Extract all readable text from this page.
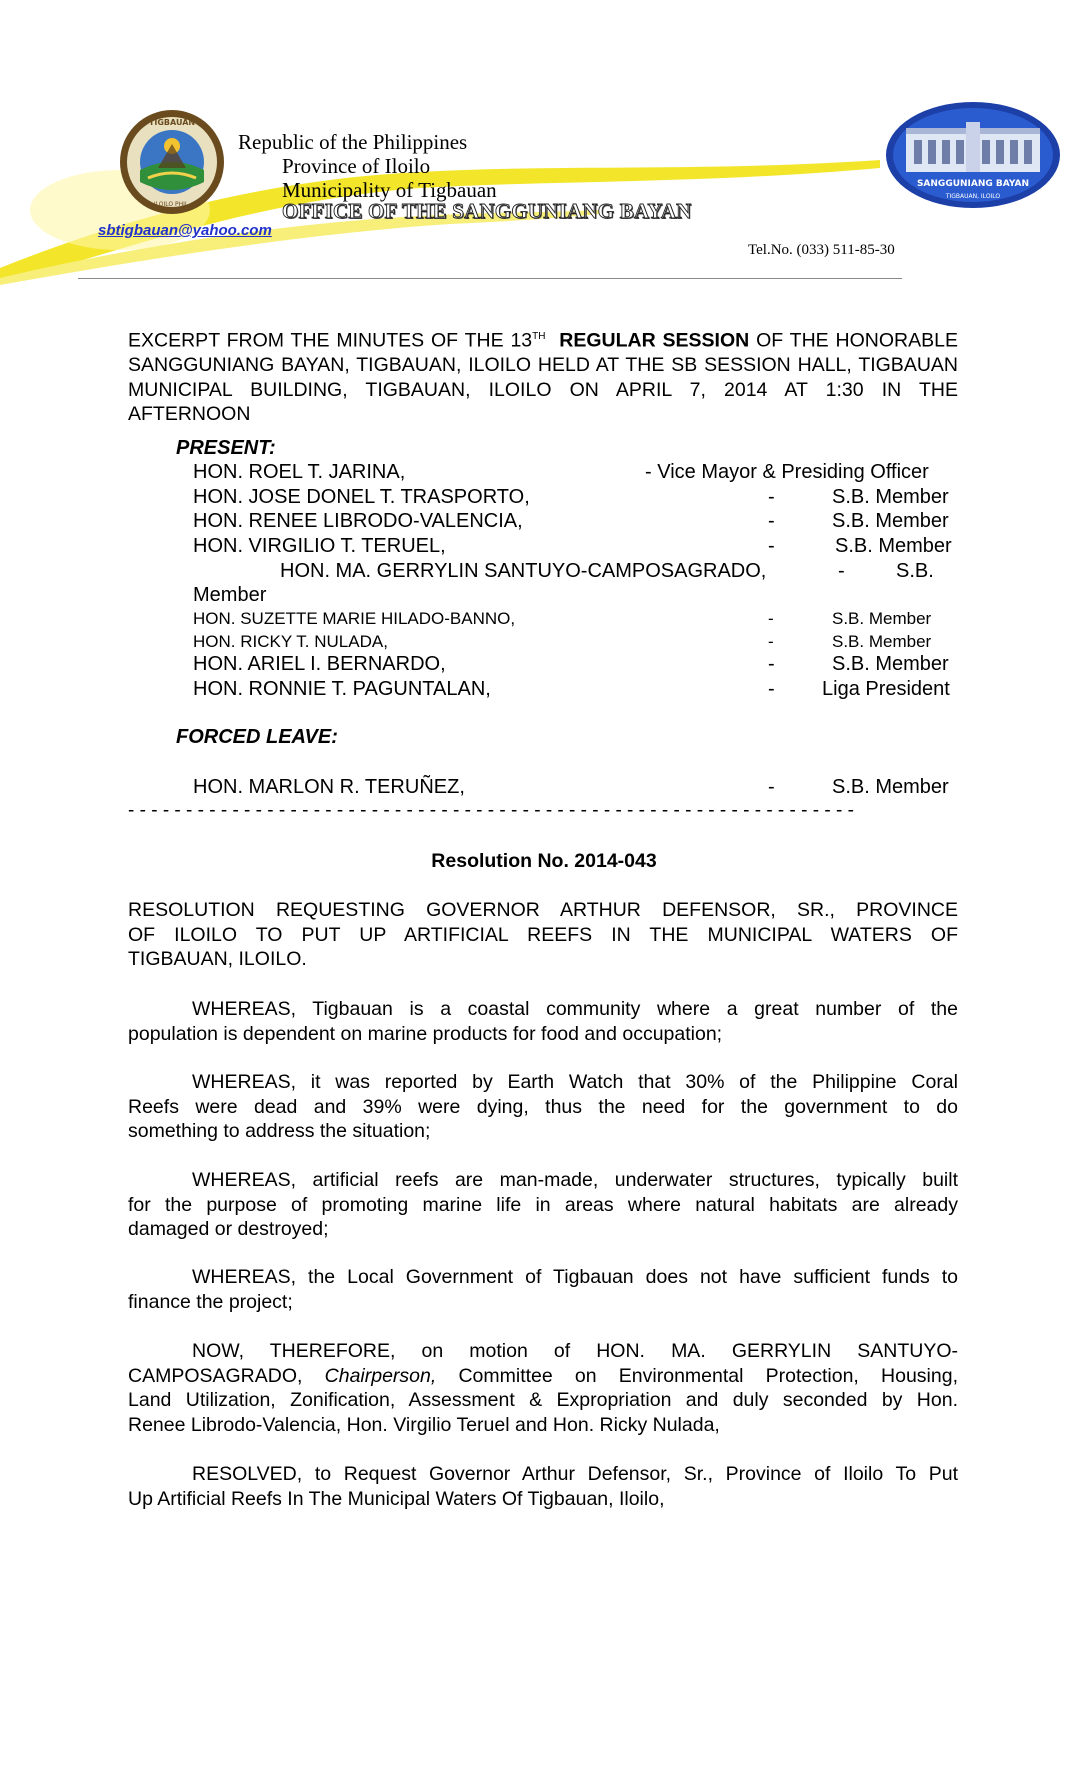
TIGBAUAN
ILOILO PHIL.
Republic of the Philippines
Province of Iloilo
Municipality of Tigbauan
OFFICE OF THE SANGGUNIANG BAYAN
sbtigbauan@yahoo.com
Tel.No. (033) 511-85-30
SANGGUNIANG BAYAN
TIGBAUAN, ILOILO
EXCERPT FROM THE MINUTES OF THE 13TH REGULAR SESSION OF THE HONORABLE
SANGGUNIANG BAYAN, TIGBAUAN, ILOILO HELD AT THE SB SESSION HALL, TIGBAUAN
MUNICIPAL BUILDING, TIGBAUAN, ILOILO ON APRIL 7, 2014 AT 1:30 IN THE
AFTERNOON
PRESENT:
HON. ROEL T. JARINA,	- Vice Mayor & Presiding Officer
HON. JOSE DONEL T. TRASPORTO,	-	S.B. Member
HON. RENEE LIBRODO-VALENCIA,	-	S.B. Member
HON. VIRGILIO T. TERUEL,	-	S.B. Member
HON. MA. GERRYLIN SANTUYO-CAMPOSAGRADO,	-	S.B.
Member
HON. SUZETTE MARIE HILADO-BANNO,	-	S.B. Member
HON. RICKY T. NULADA,	-	S.B. Member
HON. ARIEL I. BERNARDO,	-	S.B. Member
HON. RONNIE T. PAGUNTALAN,	- Liga President
FORCED LEAVE:
HON. MARLON R. TERUÑEZ,	-	S.B. Member
- - - - - - - - - - - - - - - - - - - - - - - - - - - - - - - - - - - - - - - - - - - - - - - - - - - - - - - - - - - - - - -
Resolution No. 2014-043
RESOLUTION REQUESTING GOVERNOR ARTHUR DEFENSOR, SR., PROVINCE
OF ILOILO TO PUT UP ARTIFICIAL REEFS IN THE MUNICIPAL WATERS OF
TIGBAUAN, ILOILO.
WHEREAS, Tigbauan is a coastal community where a great number of the
population is dependent on marine products for food and occupation;
WHEREAS, it was reported by Earth Watch that 30% of the Philippine Coral
Reefs were dead and 39% were dying, thus the need for the government to do
something to address the situation;
WHEREAS, artificial reefs are man-made, underwater structures, typically built
for the purpose of promoting marine life in areas where natural habitats are already
damaged or destroyed;
WHEREAS, the Local Government of Tigbauan does not have sufficient funds to
finance the project;
NOW, THEREFORE, on motion of HON. MA. GERRYLIN SANTUYO-
CAMPOSAGRADO, Chairperson, Committee on Environmental Protection, Housing,
Land Utilization, Zonification, Assessment & Expropriation and duly seconded by Hon.
Renee Librodo-Valencia, Hon. Virgilio Teruel and Hon. Ricky Nulada,
RESOLVED, to Request Governor Arthur Defensor, Sr., Province of Iloilo To Put
Up Artificial Reefs In The Municipal Waters Of Tigbauan, Iloilo,
